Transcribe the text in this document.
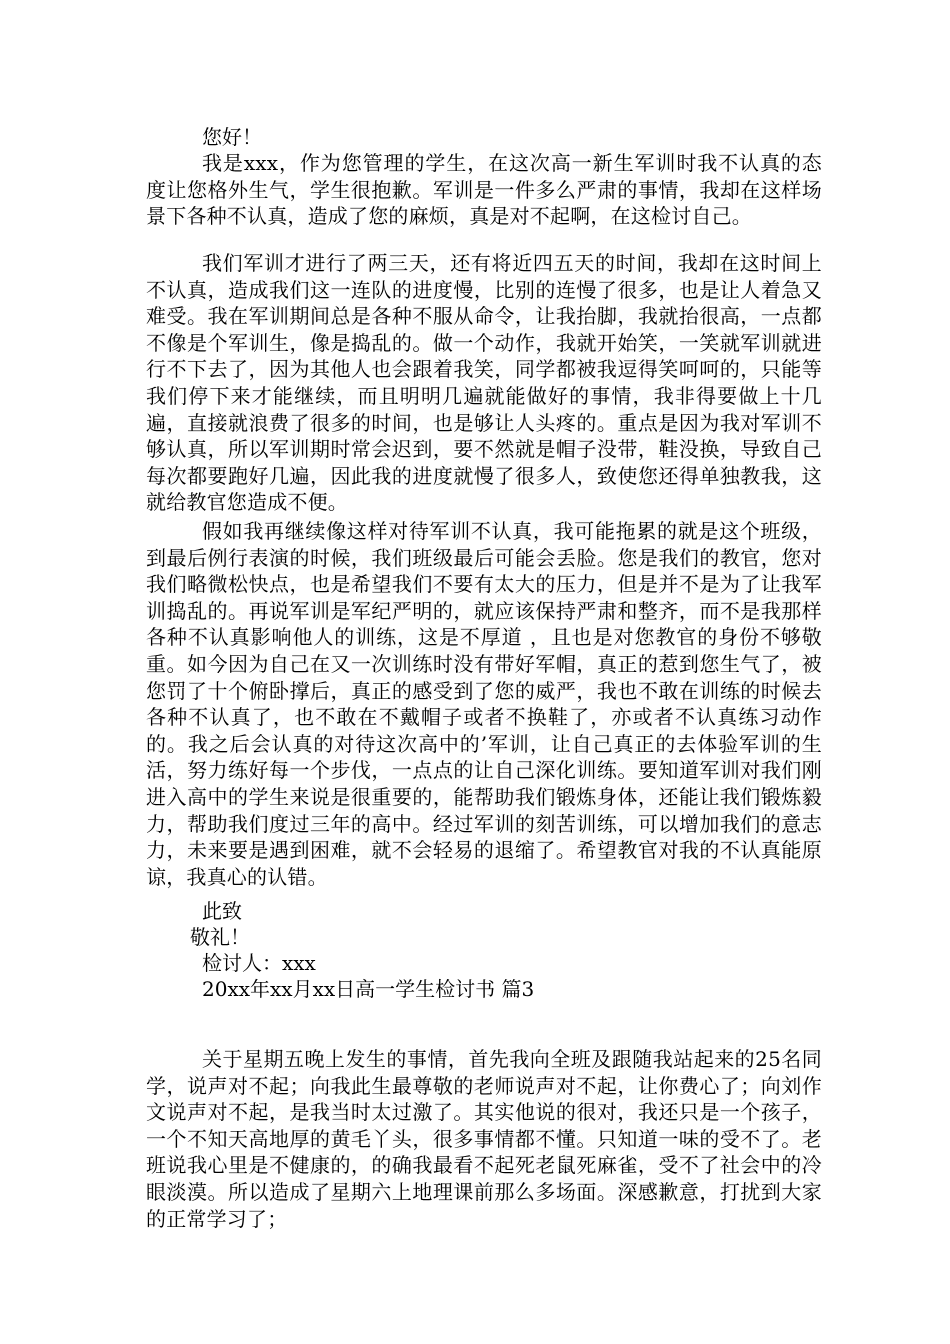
您好！

我是xxx，作为您管理的学生，在这次高一新生军训时我不认真的态度让您格外生气，学生很抱歉。军训是一件多么严肃的事情，我却在这样场景下各种不认真，造成了您的麻烦，真是对不起啊，在这检讨自己。

我们军训才进行了两三天，还有将近四五天的时间，我却在这时间上不认真，造成我们这一连队的进度慢，比别的连慢了很多，也是让人着急又难受。我在军训期间总是各种不服从命令，让我抬脚，我就抬很高，一点都不像是个军训生，像是捣乱的。做一个动作，我就开始笑，一笑就军训就进行不下去了，因为其他人也会跟着我笑，同学都被我逗得笑呵呵的，只能等我们停下来才能继续，而且明明几遍就能做好的事情，我非得要做上十几遍，直接就浪费了很多的时间，也是够让人头疼的。重点是因为我对军训不够认真，所以军训期时常会迟到，要不然就是帽子没带，鞋没换，导致自己每次都要跑好几遍，因此我的进度就慢了很多人，致使您还得单独教我，这就给教官您造成不便。

假如我再继续像这样对待军训不认真，我可能拖累的就是这个班级，到最后例行表演的时候，我们班级最后可能会丢脸。您是我们的教官，您对我们略微松快点，也是希望我们不要有太大的压力，但是并不是为了让我军训捣乱的。再说军训是军纪严明的，就应该保持严肃和整齐，而不是我那样各种不认真影响他人的训练，这是不厚道 ，且也是对您教官的身份不够敬重。如今因为自己在又一次训练时没有带好军帽，真正的惹到您生气了，被您罚了十个俯卧撑后，真正的感受到了您的威严，我也不敢在训练的时候去各种不认真了，也不敢在不戴帽子或者不换鞋了，亦或者不认真练习动作的。我之后会认真的对待这次高中的’军训，让自己真正的去体验军训的生活，努力练好每一个步伐，一点点的让自己深化训练。要知道军训对我们刚进入高中的学生来说是很重要的，能帮助我们锻炼身体，还能让我们锻炼毅力，帮助我们度过三年的高中。经过军训的刻苦训练，可以增加我们的意志力，未来要是遇到困难，就不会轻易的退缩了。希望教官对我的不认真能原谅，我真心的认错。

此致

敬礼！

检讨人：xxx

20xx年xx月xx日高一学生检讨书 篇3

关于星期五晚上发生的事情，首先我向全班及跟随我站起来的25名同学，说声对不起；向我此生最尊敬的老师说声对不起，让你费心了；向刘作文说声对不起，是我当时太过激了。其实他说的很对，我还只是一个孩子，一个不知天高地厚的黄毛丫头，很多事情都不懂。只知道一味的受不了。老班说我心里是不健康的，的确我最看不起死老鼠死麻雀，受不了社会中的冷眼淡漠。所以造成了星期六上地理课前那么多场面。深感歉意，打扰到大家的正常学习了；
